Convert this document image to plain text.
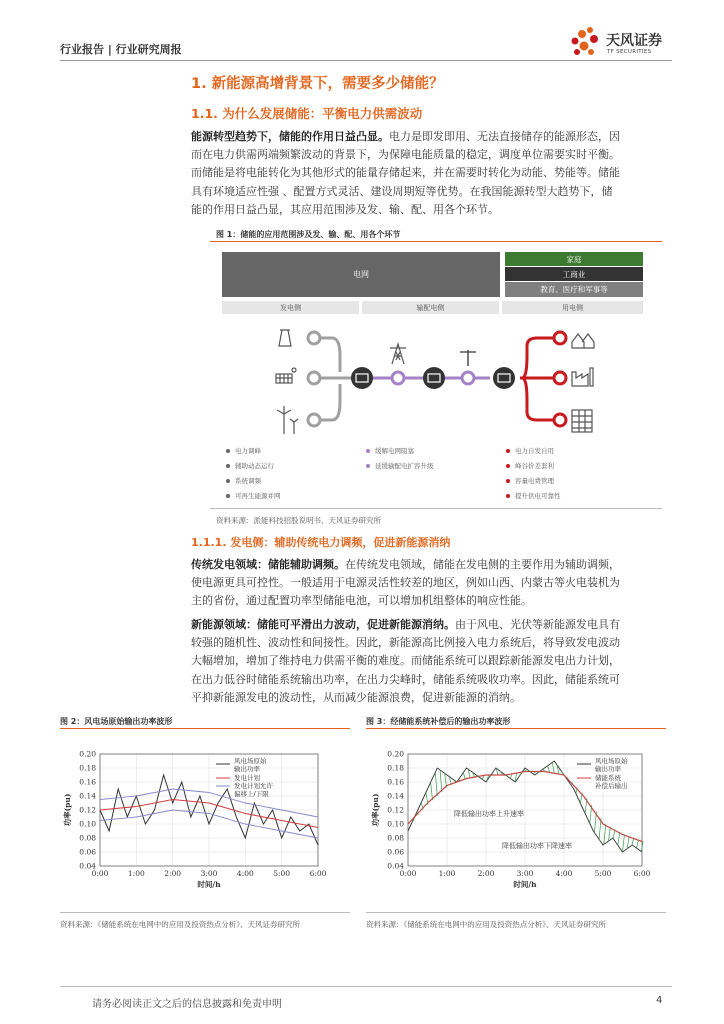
行业报告 | 行业研究周报
天风证券
TF SECURITIES
1. 新能源高增背景下，需要多少储能？
1.1. 为什么发展储能：平衡电力供需波动
能源转型趋势下，储能的作用日益凸显。电力是即发即用、无法直接储存的能源形态，因
而在电力供需两端频繁波动的背景下，为保障电能质量的稳定，调度单位需要实时平衡。
而储能是将电能转化为其他形式的能量存储起来，并在需要时转化为动能、势能等。储能
具有环境适应性强 、配置方式灵活、建设周期短等优势。在我国能源转型大趋势下，储
能的作用日益凸显，其应用范围涉及发、输、配、用各个环节。
图 1：储能的应用范围涉及发、输、配、用各个环节
电网
家庭
工商业
教育、医疗和军事等
发电侧	输配电侧	用电侧
电力调峰
辅助动态运行
系统调频
可再生能源并网
缓解电网阻塞
延缓输配电扩容升级
电力自发自用
峰谷价差套利
容量电费管理
提升供电可靠性
资料来源：派能科技招股说明书、天风证券研究所
1.1.1. 发电侧：辅助传统电力调频，促进新能源消纳
传统发电领域：储能辅助调频。在传统发电领域，储能在发电侧的主要作用为辅助调频，
使电源更具可控性。一般适用于电源灵活性较差的地区，例如山西、内蒙古等火电装机为
主的省份，通过配置功率型储能电池，可以增加机组整体的响应性能。
新能源领域：储能可平滑出力波动，促进新能源消纳。由于风电、光伏等新能源发电具有
较强的随机性、波动性和间接性。因此，新能源高比例接入电力系统后，将导致发电波动
大幅增加，增加了维持电力供需平衡的难度。而储能系统可以跟踪新能源发电出力计划，
在出力低谷时储能系统输出功率，在出力尖峰时，储能系统吸收功率。因此，储能系统可
平抑新能源发电的波动性，从而减少能源浪费，促进新能源的消纳。
图 2：风电场原始输出功率波形
0.04
0.06
0.08
0.10
0.12
0.14
0.16
0.18
0.20
0:00	1:00	2:00	3:00	4:00	5:00	6:00
时间/h
功率(pu)
风电场原始
输出功率
发电计划
发电计划允许
偏移上/下限
资料来源：《储能系统在电网中的应用及投资热点分析》、天风证券研究所
图 3：经储能系统补偿后的输出功率波形
0.04
0.06
0.08
0.10
0.12
0.14
0.16
0.18
0.20
0:00	1:00	2:00	3:00	4:00	5:00	6:00
时间/h
功率(pu)
风电场原始
输出功率
储能系统
补偿后输出
降低输出功率上升速率
降低输出功率下降速率
资料来源：《储能系统在电网中的应用及投资热点分析》、天风证券研究所
请务必阅读正文之后的信息披露和免责申明	4
